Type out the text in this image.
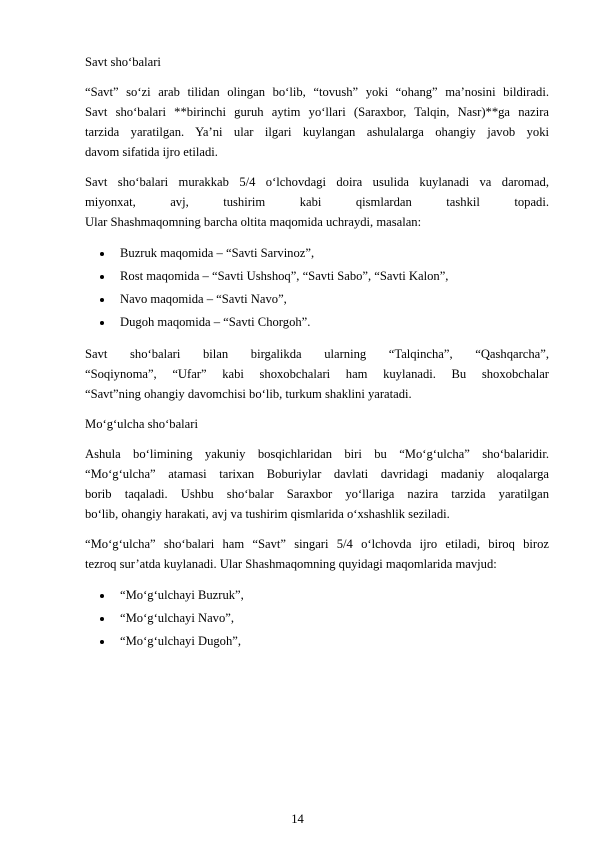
Savt sho‘balari
“Savt” so‘zi arab tilidan olingan bo‘lib, “tovush” yoki “ohang” ma’nosini bildiradi.
Savt sho‘balari **birinchi guruh aytim yo‘llari (Saraxbor, Talqin, Nasr)**ga nazira
tarzida yaratilgan. Ya’ni ular ilgari kuylangan ashulalarga ohangiy javob yoki
davom sifatida ijro etiladi.
Savt sho‘balari murakkab 5/4 o‘lchovdagi doira usulida kuylanadi va daromad,
miyonxat, avj, tushirim kabi qismlardan tashkil topadi.
Ular Shashmaqomning barcha oltita maqomida uchraydi, masalan:
Buzruk maqomida – “Savti Sarvinoz”,
Rost maqomida – “Savti Ushshoq”, “Savti Sabo”, “Savti Kalon”,
Navo maqomida – “Savti Navo”,
Dugoh maqomida – “Savti Chorgoh”.
Savt sho‘balari bilan birgalikda ularning “Talqincha”, “Qashqarcha”,
“Soqiynoma”, “Ufar” kabi shoxobchalari ham kuylanadi. Bu shoxobchalar
“Savt”ning ohangiy davomchisi bo‘lib, turkum shaklini yaratadi.
Mo‘g‘ulcha sho‘balari
Ashula bo‘limining yakuniy bosqichlaridan biri bu “Mo‘g‘ulcha” sho‘balaridir.
“Mo‘g‘ulcha” atamasi tarixan Boburiylar davlati davridagi madaniy aloqalarga
borib taqaladi. Ushbu sho‘balar Saraxbor yo‘llariga nazira tarzida yaratilgan
bo‘lib, ohangiy harakati, avj va tushirim qismlarida o‘xshashlik seziladi.
“Mo‘g‘ulcha” sho‘balari ham “Savt” singari 5/4 o‘lchovda ijro etiladi, biroq biroz
tezroq sur’atda kuylanadi. Ular Shashmaqomning quyidagi maqomlarida mavjud:
“Mo‘g‘ulchayi Buzruk”,
“Mo‘g‘ulchayi Navo”,
“Mo‘g‘ulchayi Dugoh”,
14
